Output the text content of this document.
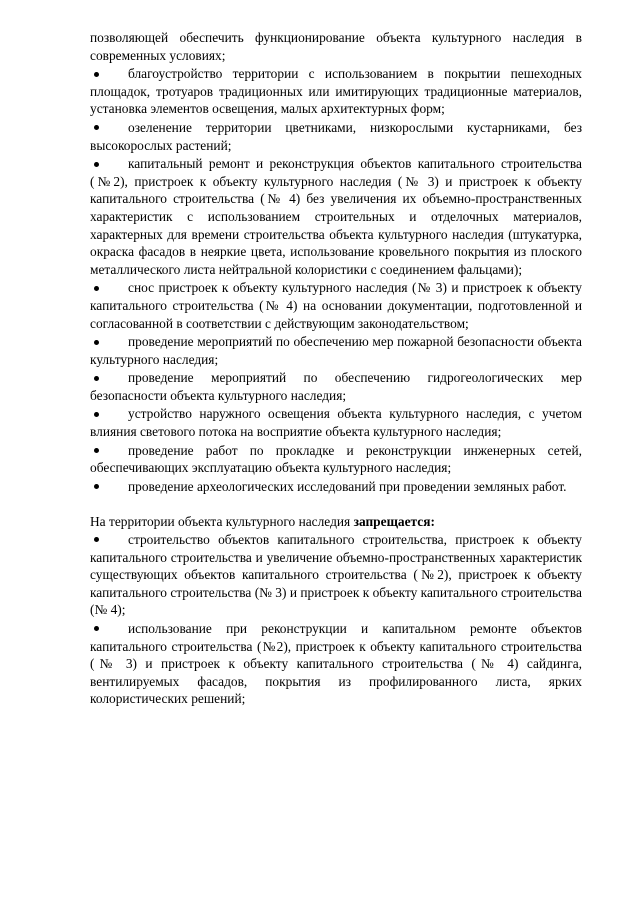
позволяющей обеспечить функционирование объекта культурного наследия в современных условиях;

благоустройство территории с использованием в покрытии пешеходных площадок, тротуаров традиционных или имитирующих традиционные материалов, установка элементов освещения, малых архитектурных форм;
озеленение территории цветниками, низкорослыми кустарниками, без высокорослых растений;
капитальный ремонт и реконструкция объектов капитального строительства (№2), пристроек к объекту культурного наследия (№ 3) и пристроек к объекту капитального строительства (№ 4) без увеличения их объемно-пространственных характеристик с использованием строительных и отделочных материалов, характерных для времени строительства объекта культурного наследия (штукатурка, окраска фасадов в неяркие цвета, использование кровельного покрытия из плоского металлического листа нейтральной колористики с соединением фальцами);
снос пристроек к объекту культурного наследия (№ 3) и пристроек к объекту капитального строительства (№ 4) на основании документации, подготовленной и согласованной в соответствии с действующим законодательством;
проведение мероприятий по обеспечению мер пожарной безопасности объекта культурного наследия;
проведение мероприятий по обеспечению гидрогеологических мер безопасности объекта культурного наследия;
устройство наружного освещения объекта культурного наследия, с учетом влияния светового потока на восприятие объекта культурного наследия;
проведение работ по прокладке и реконструкции инженерных сетей, обеспечивающих эксплуатацию объекта культурного наследия;
проведение археологических исследований при проведении земляных работ.

На территории объекта культурного наследия запрещается:

строительство объектов капитального строительства, пристроек к объекту капитального строительства и увеличение объемно-пространственных характеристик существующих объектов капитального строительства (№2), пристроек к объекту капитального строительства (№ 3) и пристроек к объекту капитального строительства (№ 4);
использование при реконструкции и капитальном ремонте объектов капитального строительства (№2), пристроек к объекту капитального строительства (№ 3) и пристроек к объекту капитального строительства (№ 4) сайдинга, вентилируемых фасадов, покрытия из профилированного листа, ярких колористических решений;
